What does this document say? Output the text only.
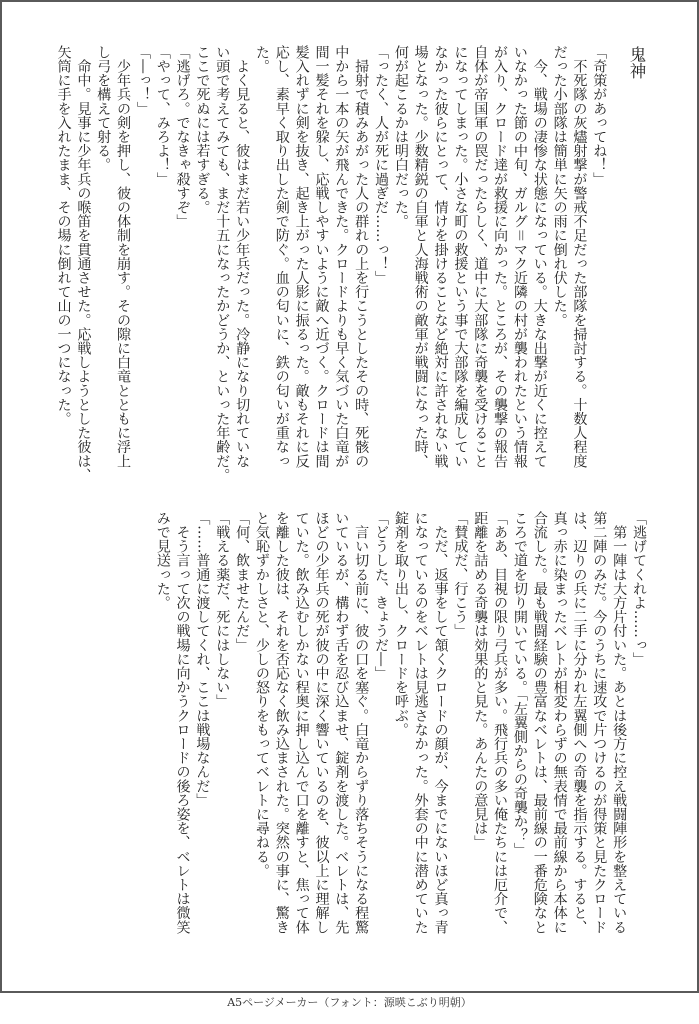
鬼神
「奇策があってね！」
　不死隊の灰燼射撃が警戒不足だった部隊を掃討する。十数人程度
だった小部隊は簡単に矢の雨に倒れ伏した。
　今、戦場の凄惨な状態になっている。大きな出撃が近くに控えて
いなかった節の中旬、ガルグ＝マク近隣の村が襲われたという情報
が入り、クロード達が救援に向かった。ところが、その襲撃の報告
自体が帝国軍の罠だったらしく、道中に大部隊に奇襲を受けること
になってしまった。小さな町の救援という事で大部隊を編成してい
なかった彼らにとって、情けを掛けることなど絶対に許されない戦
場となった。少数精鋭の自軍と人海戦術の敵軍が戦闘になった時、
何が起こるかは明白だった。
「ったく、人が死に過ぎだ……っ！」
　掃射で積みあがった人の群れの上を行こうとしたその時、死骸の
中から一本の矢が飛んできた。クロードよりも早く気づいた白竜が
間一髪それを躱し、応戦しやすいように敵へ近づく。クロードは間
髪入れずに剣を抜き、起き上がった人影に振るった。敵もそれに反
応し、素早く取り出した剣で防ぐ。血の匂いに、鉄の匂いが重なっ
た。
　よく見ると、彼はまだ若い少年兵だった。冷静になり切れていな
い頭で考えてみても、まだ十五になったかどうか、といった年齢だ。
ここで死ぬには若すぎる。
「逃げろ。でなきゃ殺すぞ」
「やって、みろよ！」
「―っ！」
　少年兵の剣を押し、彼の体制を崩す。その隙に白竜とともに浮上
し弓を構えて射る。
　命中。見事に少年兵の喉笛を貫通させた。応戦しようとした彼は、
矢筒に手を入れたまま、その場に倒れて山の一つになった。
「逃げてくれよ……っ」
　第一陣は大方片付いた。あとは後方に控え戦闘陣形を整えている
第二陣のみだ。今のうちに速攻で片つけるのが得策と見たクロード
は、辺りの兵に二手に分かれ左翼側への奇襲を指示する。すると、
真っ赤に染まったベレトが相変わらずの無表情で最前線から本体に
合流した。最も戦闘経験の豊富なベレトは、最前線の一番危険なと
ころで道を切り開いている。「左翼側からの奇襲か？」
「ああ、目視の限り弓兵が多い。飛行兵の多い俺たちには厄介で、
距離を詰める奇襲は効果的と見た。あんたの意見は」
「賛成だ、行こう」
　ただ、返事をして頷くクロードの顔が、今までにないほど真っ青
になっているのをベレトは見逃さなかった。外套の中に潜めていた
錠剤を取り出し、クロードを呼ぶ。
「どうした、きょうだ―」
　言い切る前に、彼の口を塞ぐ。白竜からずり落ちそうになる程驚
いているが、構わず舌を忍び込ませ、錠剤を渡した。ベレトは、先
ほどの少年兵の死が彼の中に深く響いているのを、彼以上に理解し
ていた。飲み込むしかない程奥に押し込んで口を離すと、焦って体
を離した彼は、それを否応なく飲み込まされた。突然の事に、驚き
と気恥ずかしさと、少しの怒りをもってベレトに尋ねる。
「何、飲ませたんだ」
「戦える薬だ、死にはしない」
「……普通に渡してくれ、ここは戦場なんだ」
　そう言って次の戦場に向かうクロードの後ろ姿を、ベレトは微笑
みで見送った。
A5ページメーカー（フォント：源暎こぶり明朝）
